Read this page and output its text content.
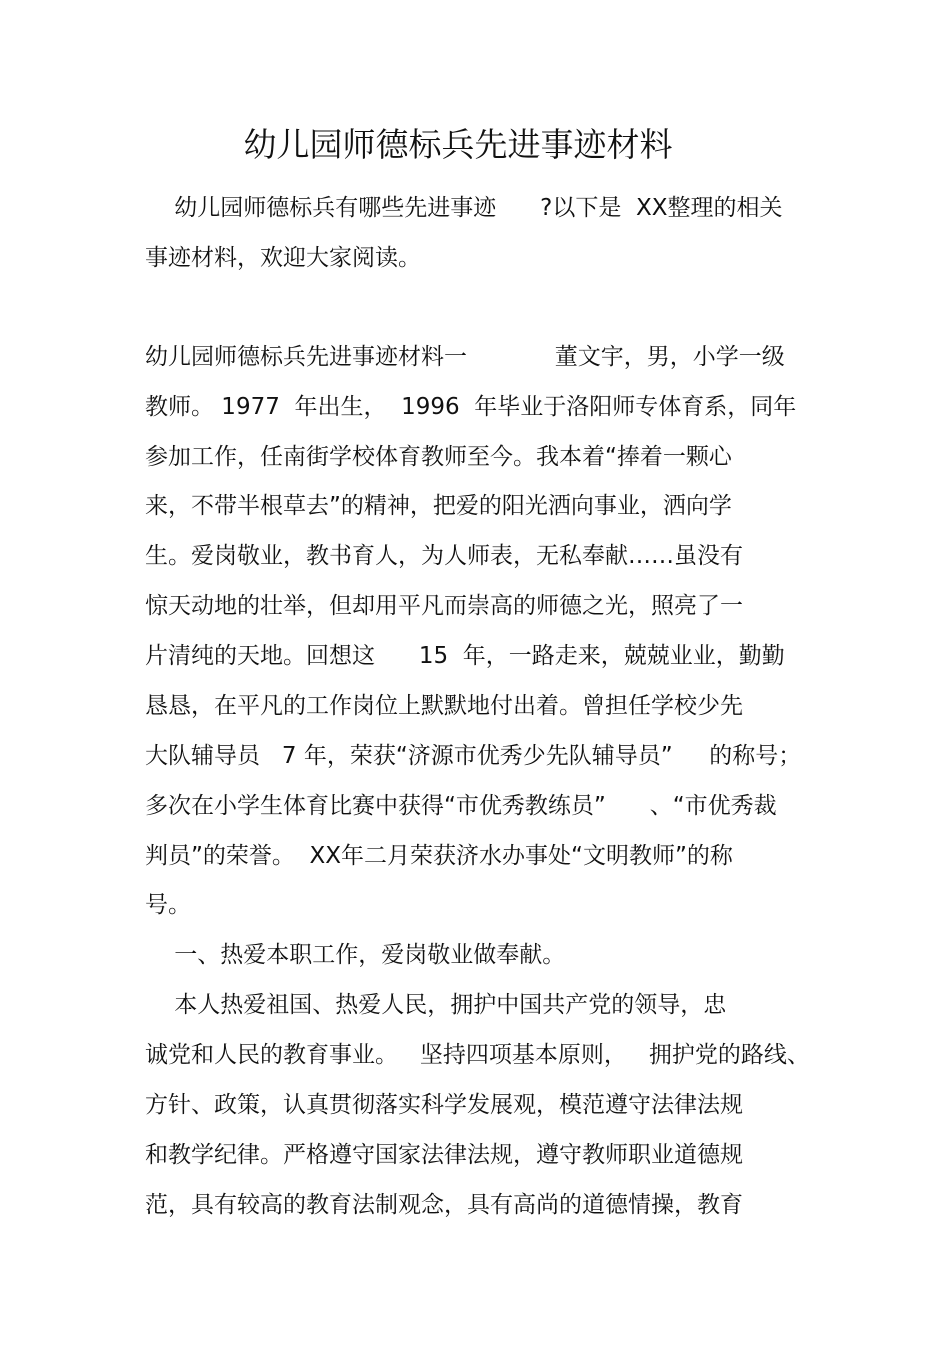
幼儿园师德标兵先进事迹材料
幼儿园师德标兵有哪些先进事迹      ?以下是  XX整理的相关
事迹材料，欢迎大家阅读。
幼儿园师德标兵先进事迹材料一            董文宇，男，小学一级
教师。 1977  年出生，  1996  年毕业于洛阳师专体育系，同年
参加工作，任南街学校体育教师至今。我本着“捧着一颗心
来，不带半根草去”的精神，把爱的阳光洒向事业，洒向学
生。爱岗敬业，教书育人，为人师表，无私奉献……虽没有
惊天动地的壮举，但却用平凡而崇高的师德之光，照亮了一
片清纯的天地。回想这      15  年，一路走来，兢兢业业，勤勤
恳恳，在平凡的工作岗位上默默地付出着。曾担任学校少先
大队辅导员   7 年，荣获“济源市优秀少先队辅导员”     的称号；
多次在小学生体育比赛中获得“市优秀教练员”      、“市优秀裁
判员”的荣誉。  XX年二月荣获济水办事处“文明教师”的称
号。
一、热爱本职工作，爱岗敬业做奉献。
本人热爱祖国、热爱人民，拥护中国共产党的领导，忠
诚党和人民的教育事业。   坚持四项基本原则，   拥护党的路线、
方针、政策，认真贯彻落实科学发展观，模范遵守法律法规
和教学纪律。严格遵守国家法律法规，遵守教师职业道德规
范，具有较高的教育法制观念，具有高尚的道德情操，教育
